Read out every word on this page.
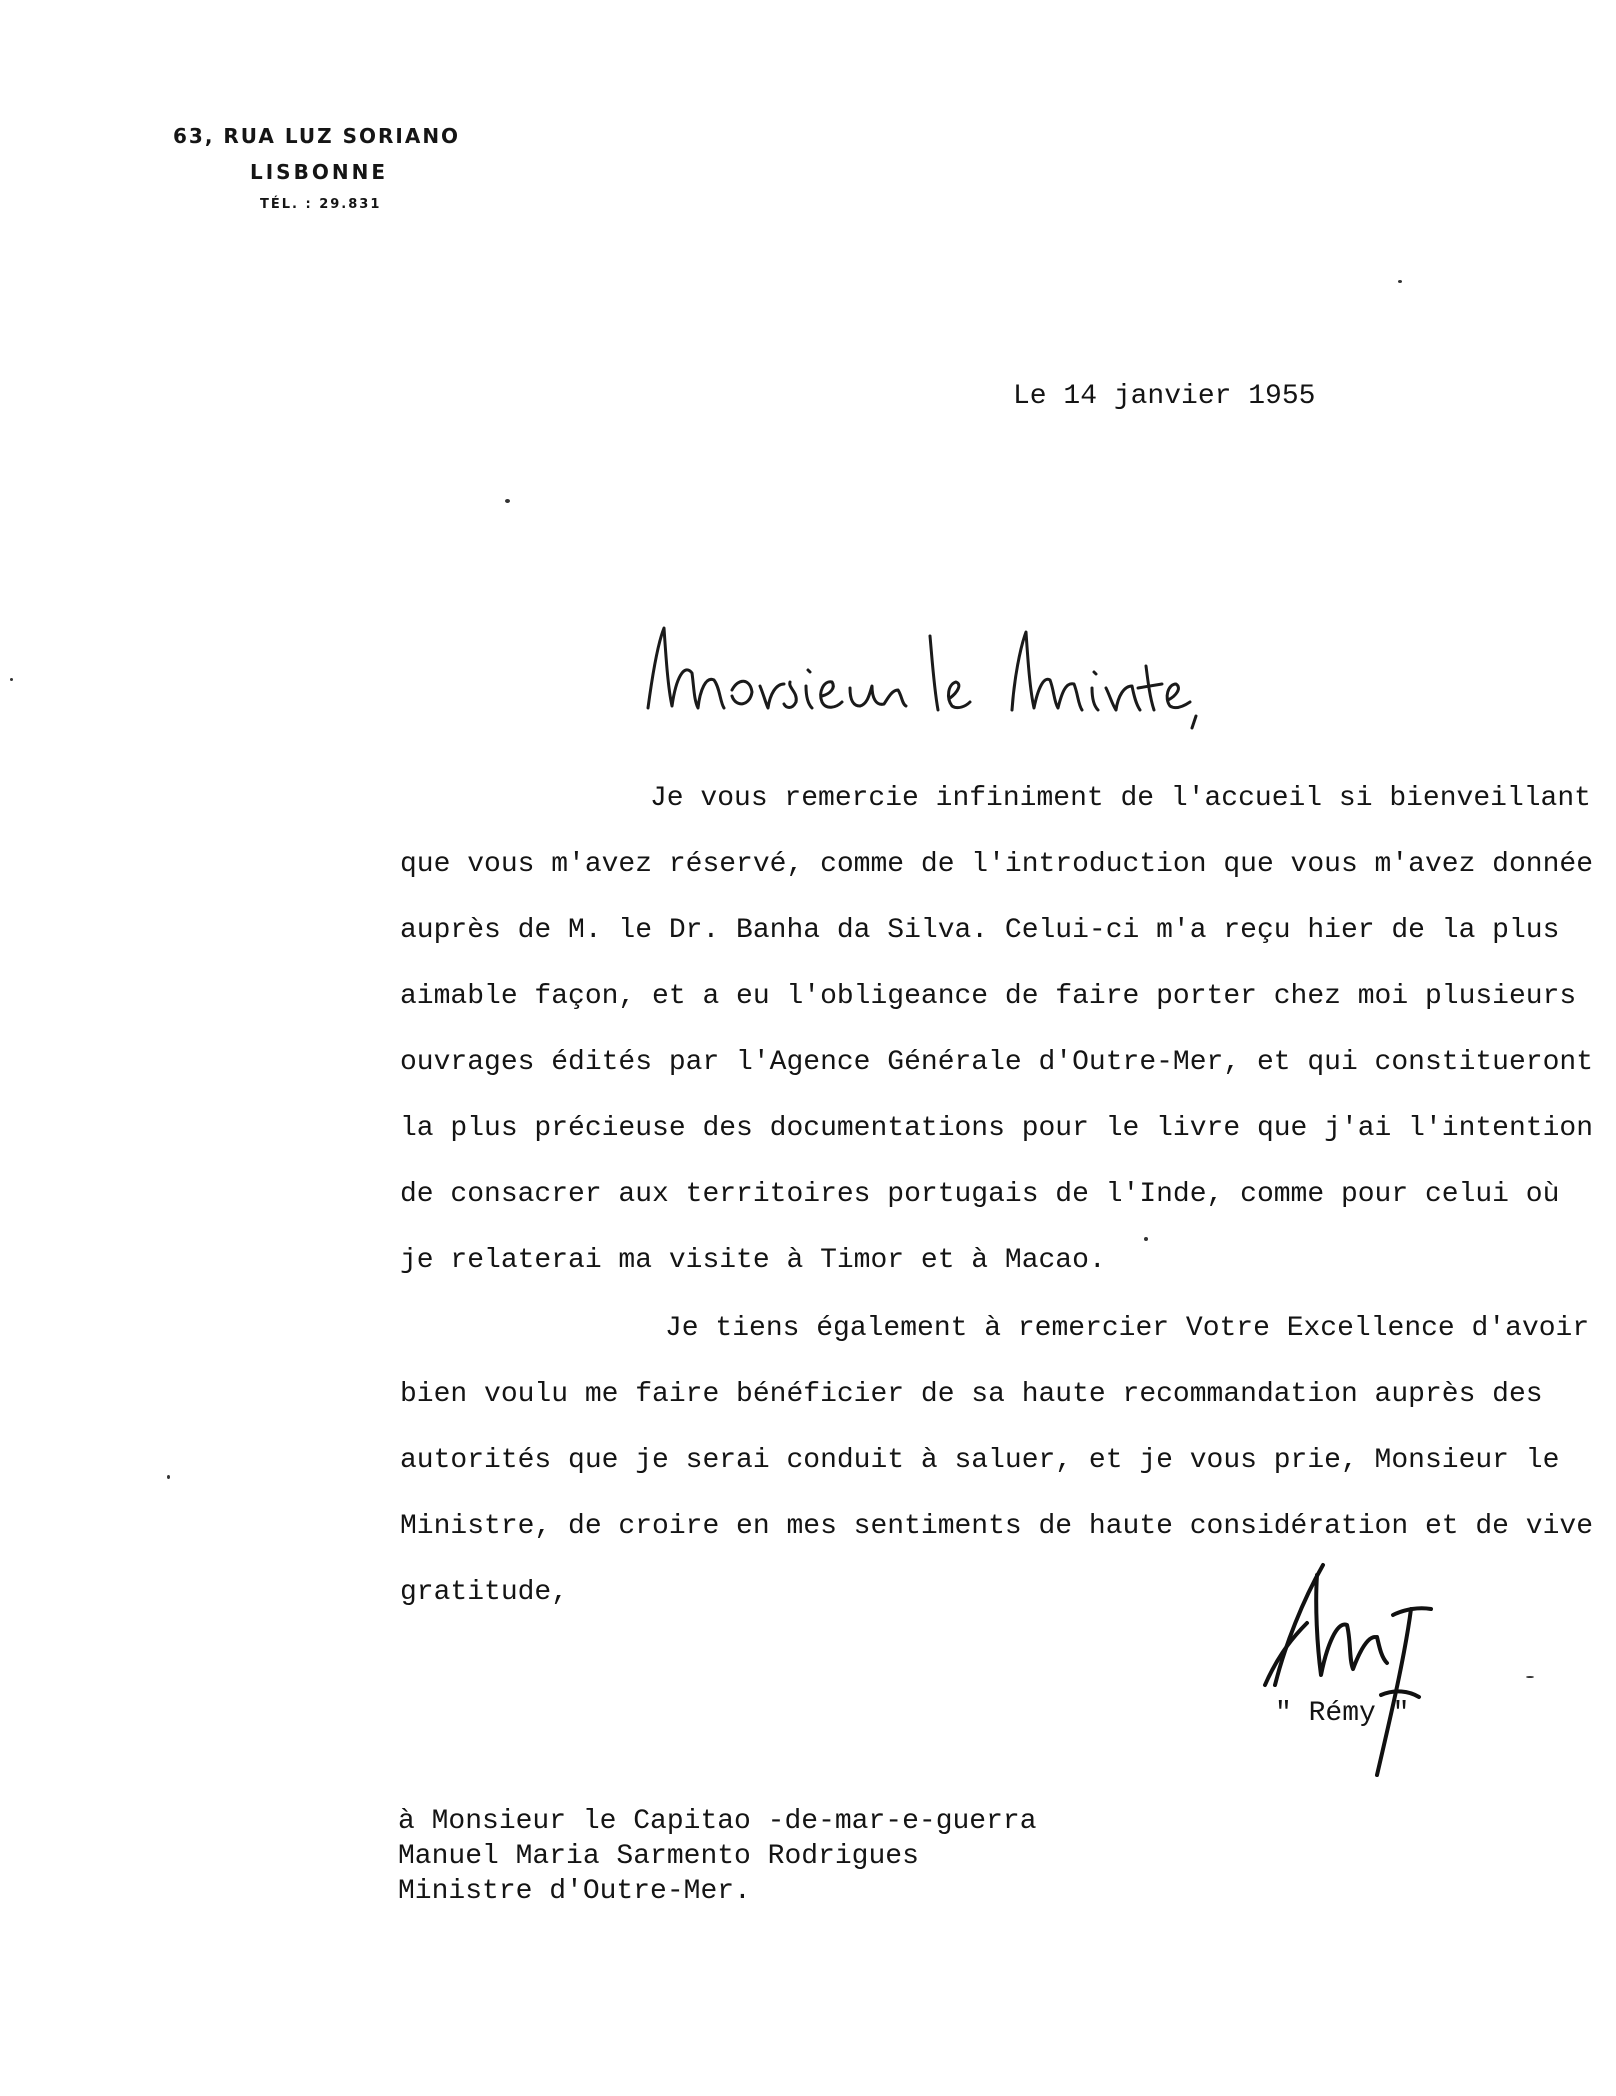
63, RUA LUZ SORIANO
LISBONNE
TÉL. : 29.831
Le 14 janvier 1955
Je vous remercie infiniment de l'accueil si bienveillant
que vous m'avez réservé, comme de l'introduction que vous m'avez donnée
auprès de M. le Dr. Banha da Silva. Celui-ci m'a reçu hier de la plus
aimable façon, et a eu l'obligeance de faire porter chez moi plusieurs
ouvrages édités par l'Agence Générale d'Outre-Mer, et qui constitueront
la plus précieuse des documentations pour le livre que j'ai l'intention
de consacrer aux territoires portugais de l'Inde, comme pour celui où
je relaterai ma visite à Timor et à Macao.
Je tiens également à remercier Votre Excellence d'avoir
bien voulu me faire bénéficier de sa haute recommandation auprès des
autorités que je serai conduit à saluer, et je vous prie, Monsieur le
Ministre, de croire en mes sentiments de haute considération et de vive
gratitude,
" Rémy "
à Monsieur le Capitao -de-mar-e-guerra
Manuel Maria Sarmento Rodrigues
Ministre d'Outre-Mer.
